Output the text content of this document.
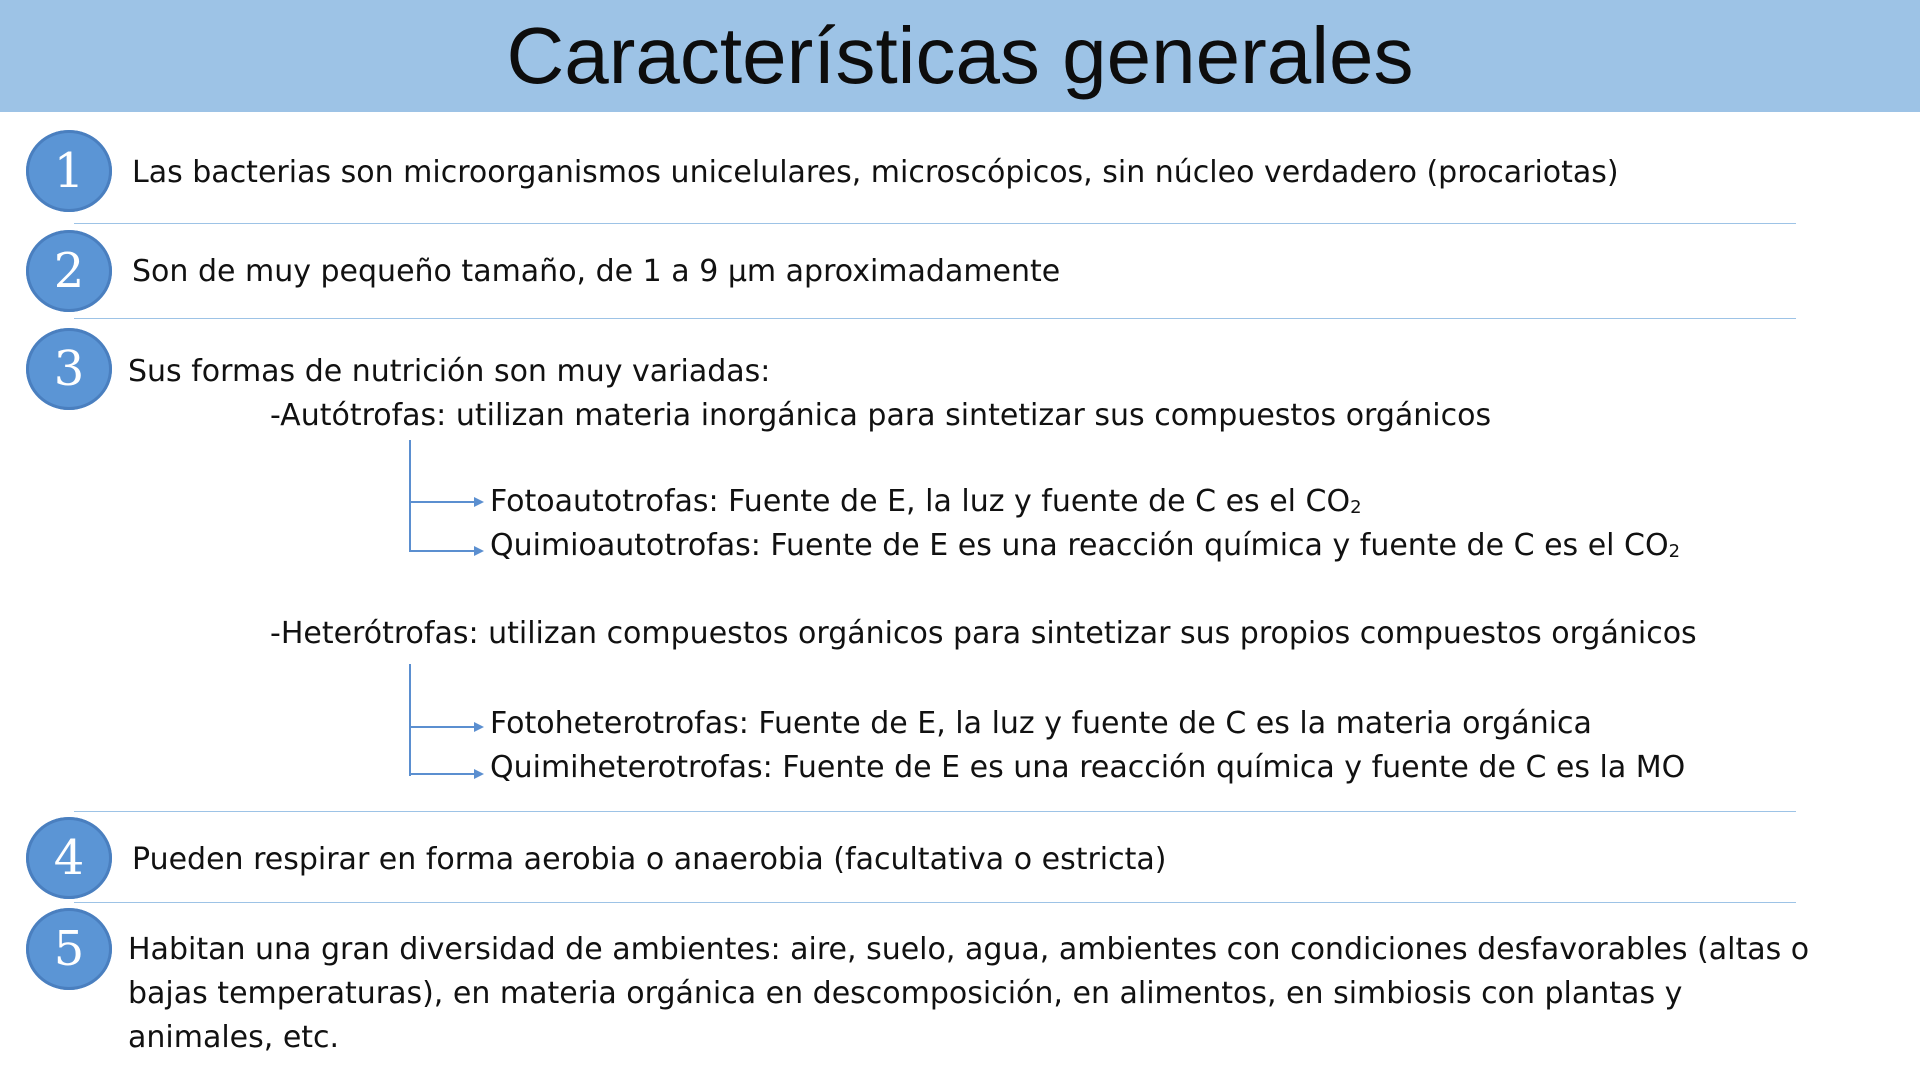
Características generales
1	Las bacterias son microorganismos unicelulares, microscópicos, sin núcleo verdadero (procariotas)
2	Son de muy pequeño tamaño, de 1 a 9 µm aproximadamente
3	Sus formas de nutrición son muy variadas:
-Autótrofas: utilizan materia inorgánica para sintetizar sus compuestos orgánicos
Fotoautotrofas: Fuente de E, la luz y fuente de C es el $CO_2$
Quimioautotrofas: Fuente de E es una reacción química y fuente de C es el $CO_2$
-Heterótrofas: utilizan compuestos orgánicos para sintetizar sus propios compuestos orgánicos
Fotoheterotrofas: Fuente de E, la luz y fuente de C es la materia orgánica
Quimiheterotrofas: Fuente de E es una reacción química y fuente de C es la MO
4	Pueden respirar en forma aerobia o anaerobia (facultativa o estricta)
5	Habitan una gran diversidad de ambientes: aire, suelo, agua, ambientes con condiciones desfavorables (altas o bajas temperaturas), en materia orgánica en descomposición, en alimentos, en simbiosis con plantas y animales, etc.
